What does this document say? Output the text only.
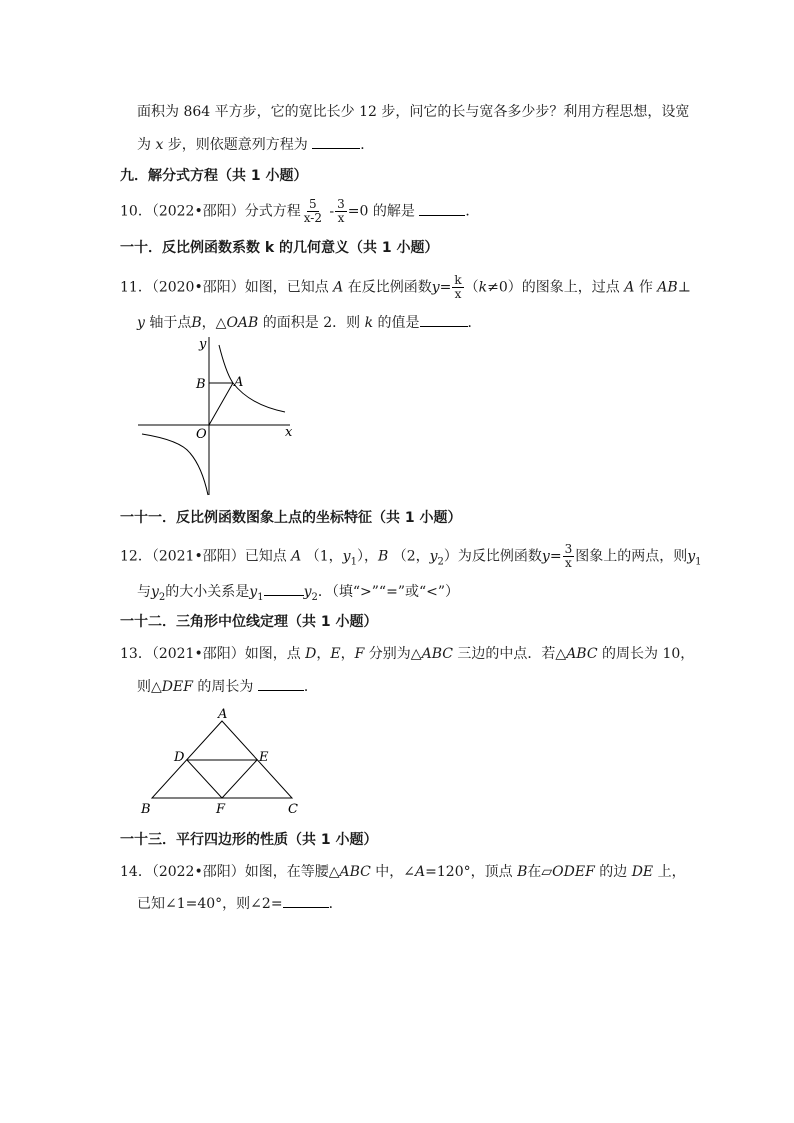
面积为 864 平方步，它的宽比长少 12 步，问它的长与宽各多少步？利用方程思想，设宽
为 x 步，则依题意列方程为	．
九．解分式方程（共 1 小题）
10．（2022•邵阳）分式方程 $\frac{5}{x-2} - \frac{3}{x} =0$ 的解是	．
一十．反比例函数系数 k 的几何意义（共 1 小题）
11．（2020•邵阳）如图，已知点 A 在反比例函数$y= \frac{k}{x} (k\ne 0)$的图象上，过点 A 作 AB⊥
y 轴于点B，△OAB 的面积是 2．则 k 的值是	．
y
x
O
A
B
一十一．反比例函数图象上点的坐标特征（共 1 小题）
12．（2021•邵阳）已知点 A （1，$y_1$），B （2，$y_2$）为反比例函数$y= \frac{3}{x}$ 图象上的两点，则$y_1$
与$y_2$的大小关系是$y_1$	$y_2$．（填“>”“=”或“<”）
一十二．三角形中位线定理（共 1 小题）
13．（2021•邵阳）如图，点 D，E，F 分别为△ABC 三边的中点．若△ABC 的周长为 10，
则△DEF 的周长为	．
A
B	C
D	E
F
一十三．平行四边形的性质（共 1 小题）
14．（2022•邵阳）如图，在等腰△ABC 中，∠A=120°，顶点 B在▱ODEF 的边 DE 上，
已知∠1=40°，则∠2=	．
